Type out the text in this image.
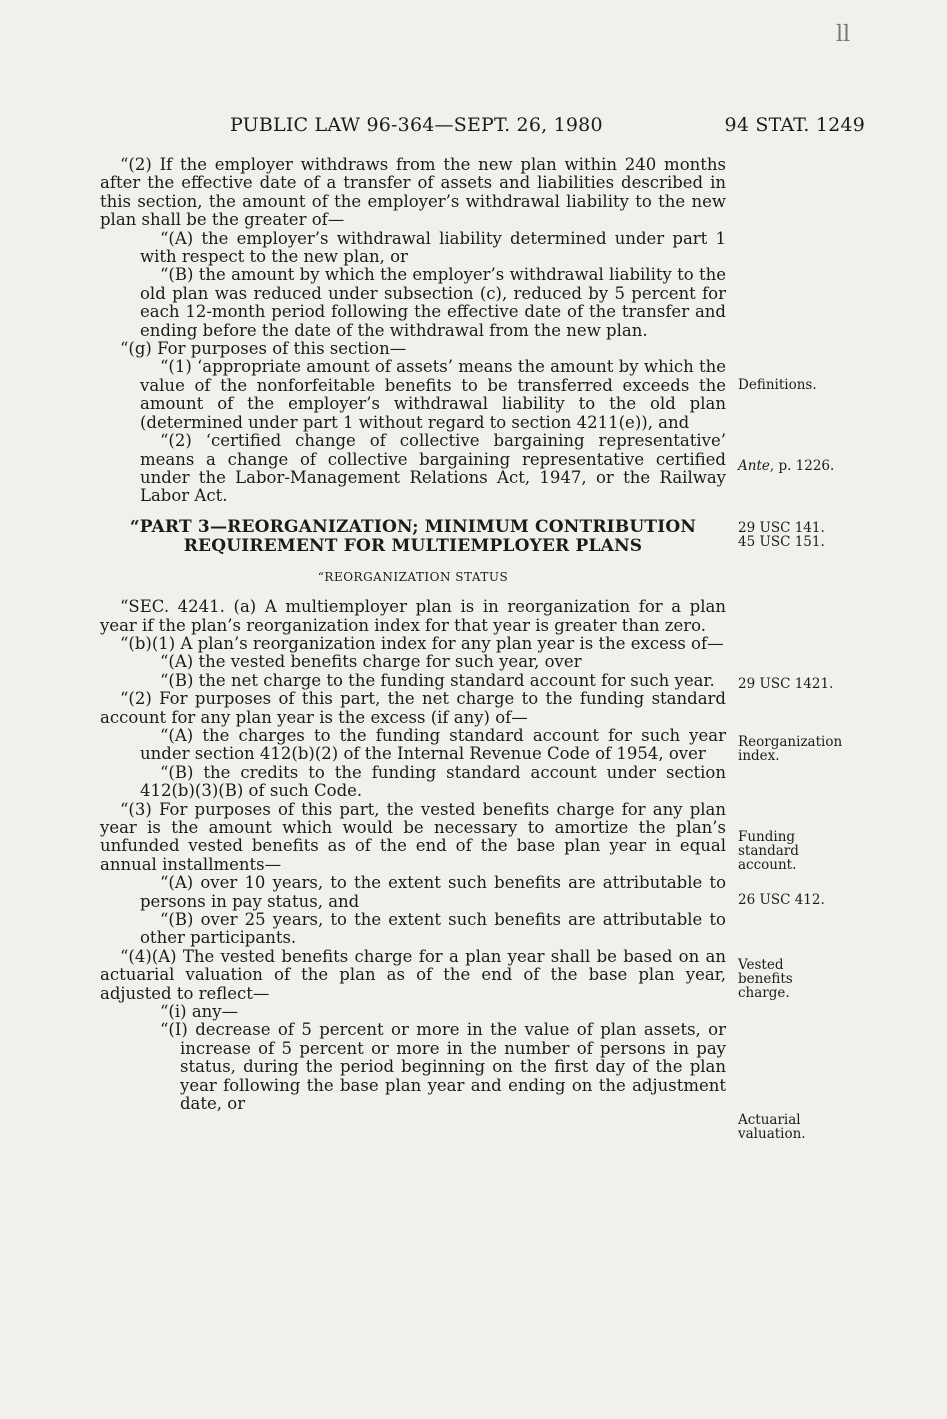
ll
PUBLIC LAW 96-364—SEPT. 26, 1980	94 STAT. 1249

“(2) If the employer withdraws from the new plan within 240 months after the effective date of a transfer of assets and liabilities described in this section, the amount of the employer’s withdrawal liability to the new plan shall be the greater of—

“(A) the employer’s withdrawal liability determined under part 1 with respect to the new plan, or

“(B) the amount by which the employer’s withdrawal liability to the old plan was reduced under subsection (c), reduced by 5 percent for each 12-month period following the effective date of the transfer and ending before the date of the withdrawal from the new plan.

“(g) For purposes of this section—

“(1) ‘appropriate amount of assets’ means the amount by which the value of the nonforfeitable benefits to be transferred exceeds the amount of the employer’s withdrawal liability to the old plan (determined under part 1 without regard to section 4211(e)), and

“(2) ‘certified change of collective bargaining representative’ means a change of collective bargaining representative certified under the Labor-Management Relations Act, 1947, or the Railway Labor Act.

“PART 3—REORGANIZATION; MINIMUM CONTRIBUTION REQUIREMENT FOR MULTIEMPLOYER PLANS

“REORGANIZATION STATUS

“SEC. 4241. (a) A multiemployer plan is in reorganization for a plan year if the plan’s reorganization index for that year is greater than zero.

“(b)(1) A plan’s reorganization index for any plan year is the excess of—

“(A) the vested benefits charge for such year, over

“(B) the net charge to the funding standard account for such year.

“(2) For purposes of this part, the net charge to the funding standard account for any plan year is the excess (if any) of—

“(A) the charges to the funding standard account for such year under section 412(b)(2) of the Internal Revenue Code of 1954, over

“(B) the credits to the funding standard account under section 412(b)(3)(B) of such Code.

“(3) For purposes of this part, the vested benefits charge for any plan year is the amount which would be necessary to amortize the plan’s unfunded vested benefits as of the end of the base plan year in equal annual installments—

“(A) over 10 years, to the extent such benefits are attributable to persons in pay status, and

“(B) over 25 years, to the extent such benefits are attributable to other participants.

“(4)(A) The vested benefits charge for a plan year shall be based on an actuarial valuation of the plan as of the end of the base plan year, adjusted to reflect—

“(i) any—

“(I) decrease of 5 percent or more in the value of plan assets, or increase of 5 percent or more in the number of persons in pay status, during the period beginning on the first day of the plan year following the base plan year and ending on the adjustment date, or

Definitions.
Ante, p. 1226.
29 USC 141.
45 USC 151.
29 USC 1421.
Reorganization index.
Funding standard account.
26 USC 412.
Vested benefits charge.
Actuarial valuation.
